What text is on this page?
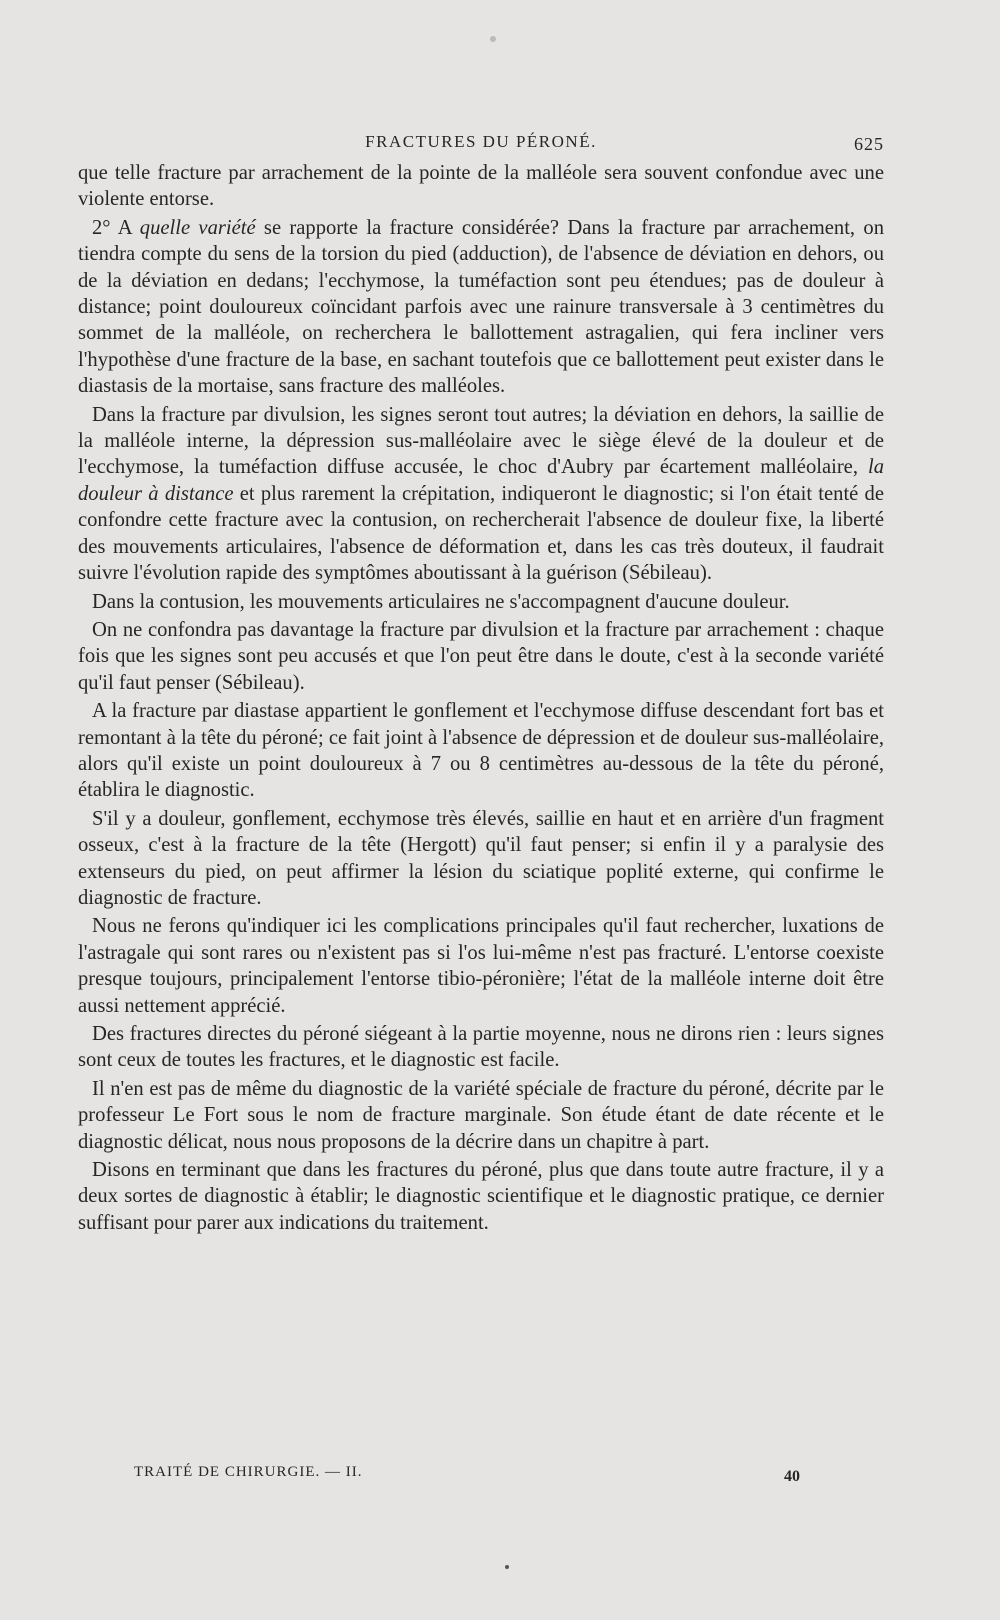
FRACTURES DU PÉRONÉ.	625

que telle fracture par arrachement de la pointe de la malléole sera souvent confondue avec une violente entorse.

2° A quelle variété se rapporte la fracture considérée? Dans la fracture par arrachement, on tiendra compte du sens de la torsion du pied (adduction), de l'absence de déviation en dehors, ou de la déviation en dedans; l'ecchymose, la tuméfaction sont peu étendues; pas de douleur à distance; point douloureux coïncidant parfois avec une rainure transversale à 3 centimètres du sommet de la malléole, on recherchera le ballottement astragalien, qui fera incliner vers l'hypothèse d'une fracture de la base, en sachant toutefois que ce ballottement peut exister dans le diastasis de la mortaise, sans fracture des malléoles.

Dans la fracture par divulsion, les signes seront tout autres; la déviation en dehors, la saillie de la malléole interne, la dépression sus-malléolaire avec le siège élevé de la douleur et de l'ecchymose, la tuméfaction diffuse accusée, le choc d'Aubry par écartement malléolaire, la douleur à distance et plus rarement la crépitation, indiqueront le diagnostic; si l'on était tenté de confondre cette fracture avec la contusion, on rechercherait l'absence de douleur fixe, la liberté des mouvements articulaires, l'absence de déformation et, dans les cas très douteux, il faudrait suivre l'évolution rapide des symptômes aboutissant à la guérison (Sébileau).

Dans la contusion, les mouvements articulaires ne s'accompagnent d'aucune douleur.

On ne confondra pas davantage la fracture par divulsion et la fracture par arrachement : chaque fois que les signes sont peu accusés et que l'on peut être dans le doute, c'est à la seconde variété qu'il faut penser (Sébileau).

A la fracture par diastase appartient le gonflement et l'ecchymose diffuse descendant fort bas et remontant à la tête du péroné; ce fait joint à l'absence de dépression et de douleur sus-malléolaire, alors qu'il existe un point douloureux à 7 ou 8 centimètres au-dessous de la tête du péroné, établira le diagnostic.

S'il y a douleur, gonflement, ecchymose très élevés, saillie en haut et en arrière d'un fragment osseux, c'est à la fracture de la tête (Hergott) qu'il faut penser; si enfin il y a paralysie des extenseurs du pied, on peut affirmer la lésion du sciatique poplité externe, qui confirme le diagnostic de fracture.

Nous ne ferons qu'indiquer ici les complications principales qu'il faut rechercher, luxations de l'astragale qui sont rares ou n'existent pas si l'os lui-même n'est pas fracturé. L'entorse coexiste presque toujours, principalement l'entorse tibio-péronière; l'état de la malléole interne doit être aussi nettement apprécié.

Des fractures directes du péroné siégeant à la partie moyenne, nous ne dirons rien : leurs signes sont ceux de toutes les fractures, et le diagnostic est facile.

Il n'en est pas de même du diagnostic de la variété spéciale de fracture du péroné, décrite par le professeur Le Fort sous le nom de fracture marginale. Son étude étant de date récente et le diagnostic délicat, nous nous proposons de la décrire dans un chapitre à part.

Disons en terminant que dans les fractures du péroné, plus que dans toute autre fracture, il y a deux sortes de diagnostic à établir; le diagnostic scientifique et le diagnostic pratique, ce dernier suffisant pour parer aux indications du traitement.

TRAITÉ DE CHIRURGIE. — II.	40
